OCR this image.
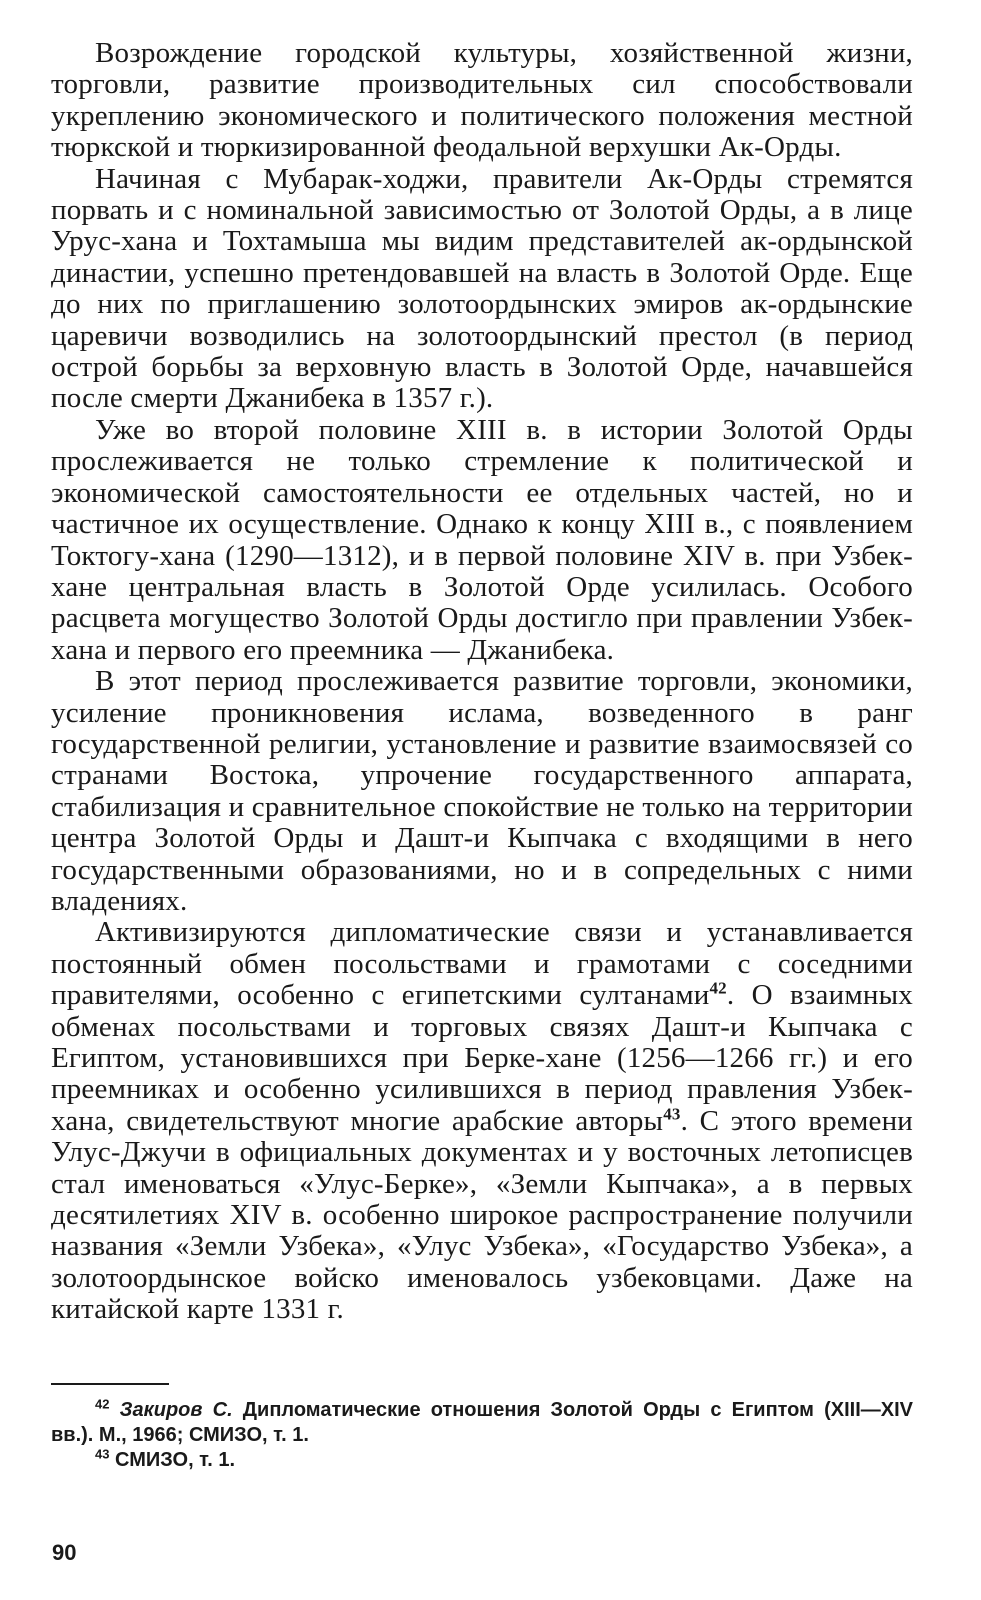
Возрождение городской культуры, хозяйственной жизни, торговли, развитие производительных сил способствовали укреплению экономического и политического положения местной тюркской и тюркизированной феодальной верхушки Ак-Орды.

Начиная с Мубарак-ходжи, правители Ак-Орды стремятся порвать и с номинальной зависимостью от Золотой Орды, а в лице Урус-хана и Тохтамыша мы видим представителей ак-ордынской династии, успешно претендовавшей на власть в Золотой Орде. Еще до них по приглашению золотоордынских эмиров ак-ордынские царевичи возводились на золотоордынский престол (в период острой борьбы за верховную власть в Золотой Орде, начавшейся после смерти Джанибека в 1357 г.).

Уже во второй половине XIII в. в истории Золотой Орды прослеживается не только стремление к политической и экономической самостоятельности ее отдельных частей, но и частичное их осуществление. Однако к концу XIII в., с появлением Токтогу-хана (1290—1312), и в первой половине XIV в. при Узбек-хане центральная власть в Золотой Орде усилилась. Особого расцвета могущество Золотой Орды достигло при правлении Узбек-хана и первого его преемника — Джанибека.

В этот период прослеживается развитие торговли, экономики, усиление проникновения ислама, возведенного в ранг государственной религии, установление и развитие взаимосвязей со странами Востока, упрочение государственного аппарата, стабилизация и сравнительное спокойствие не только на территории центра Золотой Орды и Дашт-и Кыпчака с входящими в него государственными образованиями, но и в сопредельных с ними владениях.

Активизируются дипломатические связи и устанавливается постоянный обмен посольствами и грамотами с соседними правителями, особенно с египетскими султанами$^{42}$. О взаимных обменах посольствами и торговых связях Дашт-и Кыпчака с Египтом, установившихся при Берке-хане (1256—1266 гг.) и его преемниках и особенно усилившихся в период правления Узбек-хана, свидетельствуют многие арабские авторы$^{43}$. С этого времени Улус-Джучи в официальных документах и у восточных летописцев стал именоваться «Улус-Берке», «Земли Кыпчака», а в первых десятилетиях XIV в. особенно широкое распространение получили названия «Земли Узбека», «Улус Узбека», «Государство Узбека», а золотоордынское войско именовалось узбековцами. Даже на китайской карте 1331 г.

$^{42}$ Закиров С. Дипломатические отношения Золотой Орды с Египтом (XIII—XIV вв.). М., 1966; СМИЗО, т. 1.

$^{43}$ СМИЗО, т. 1.

90
